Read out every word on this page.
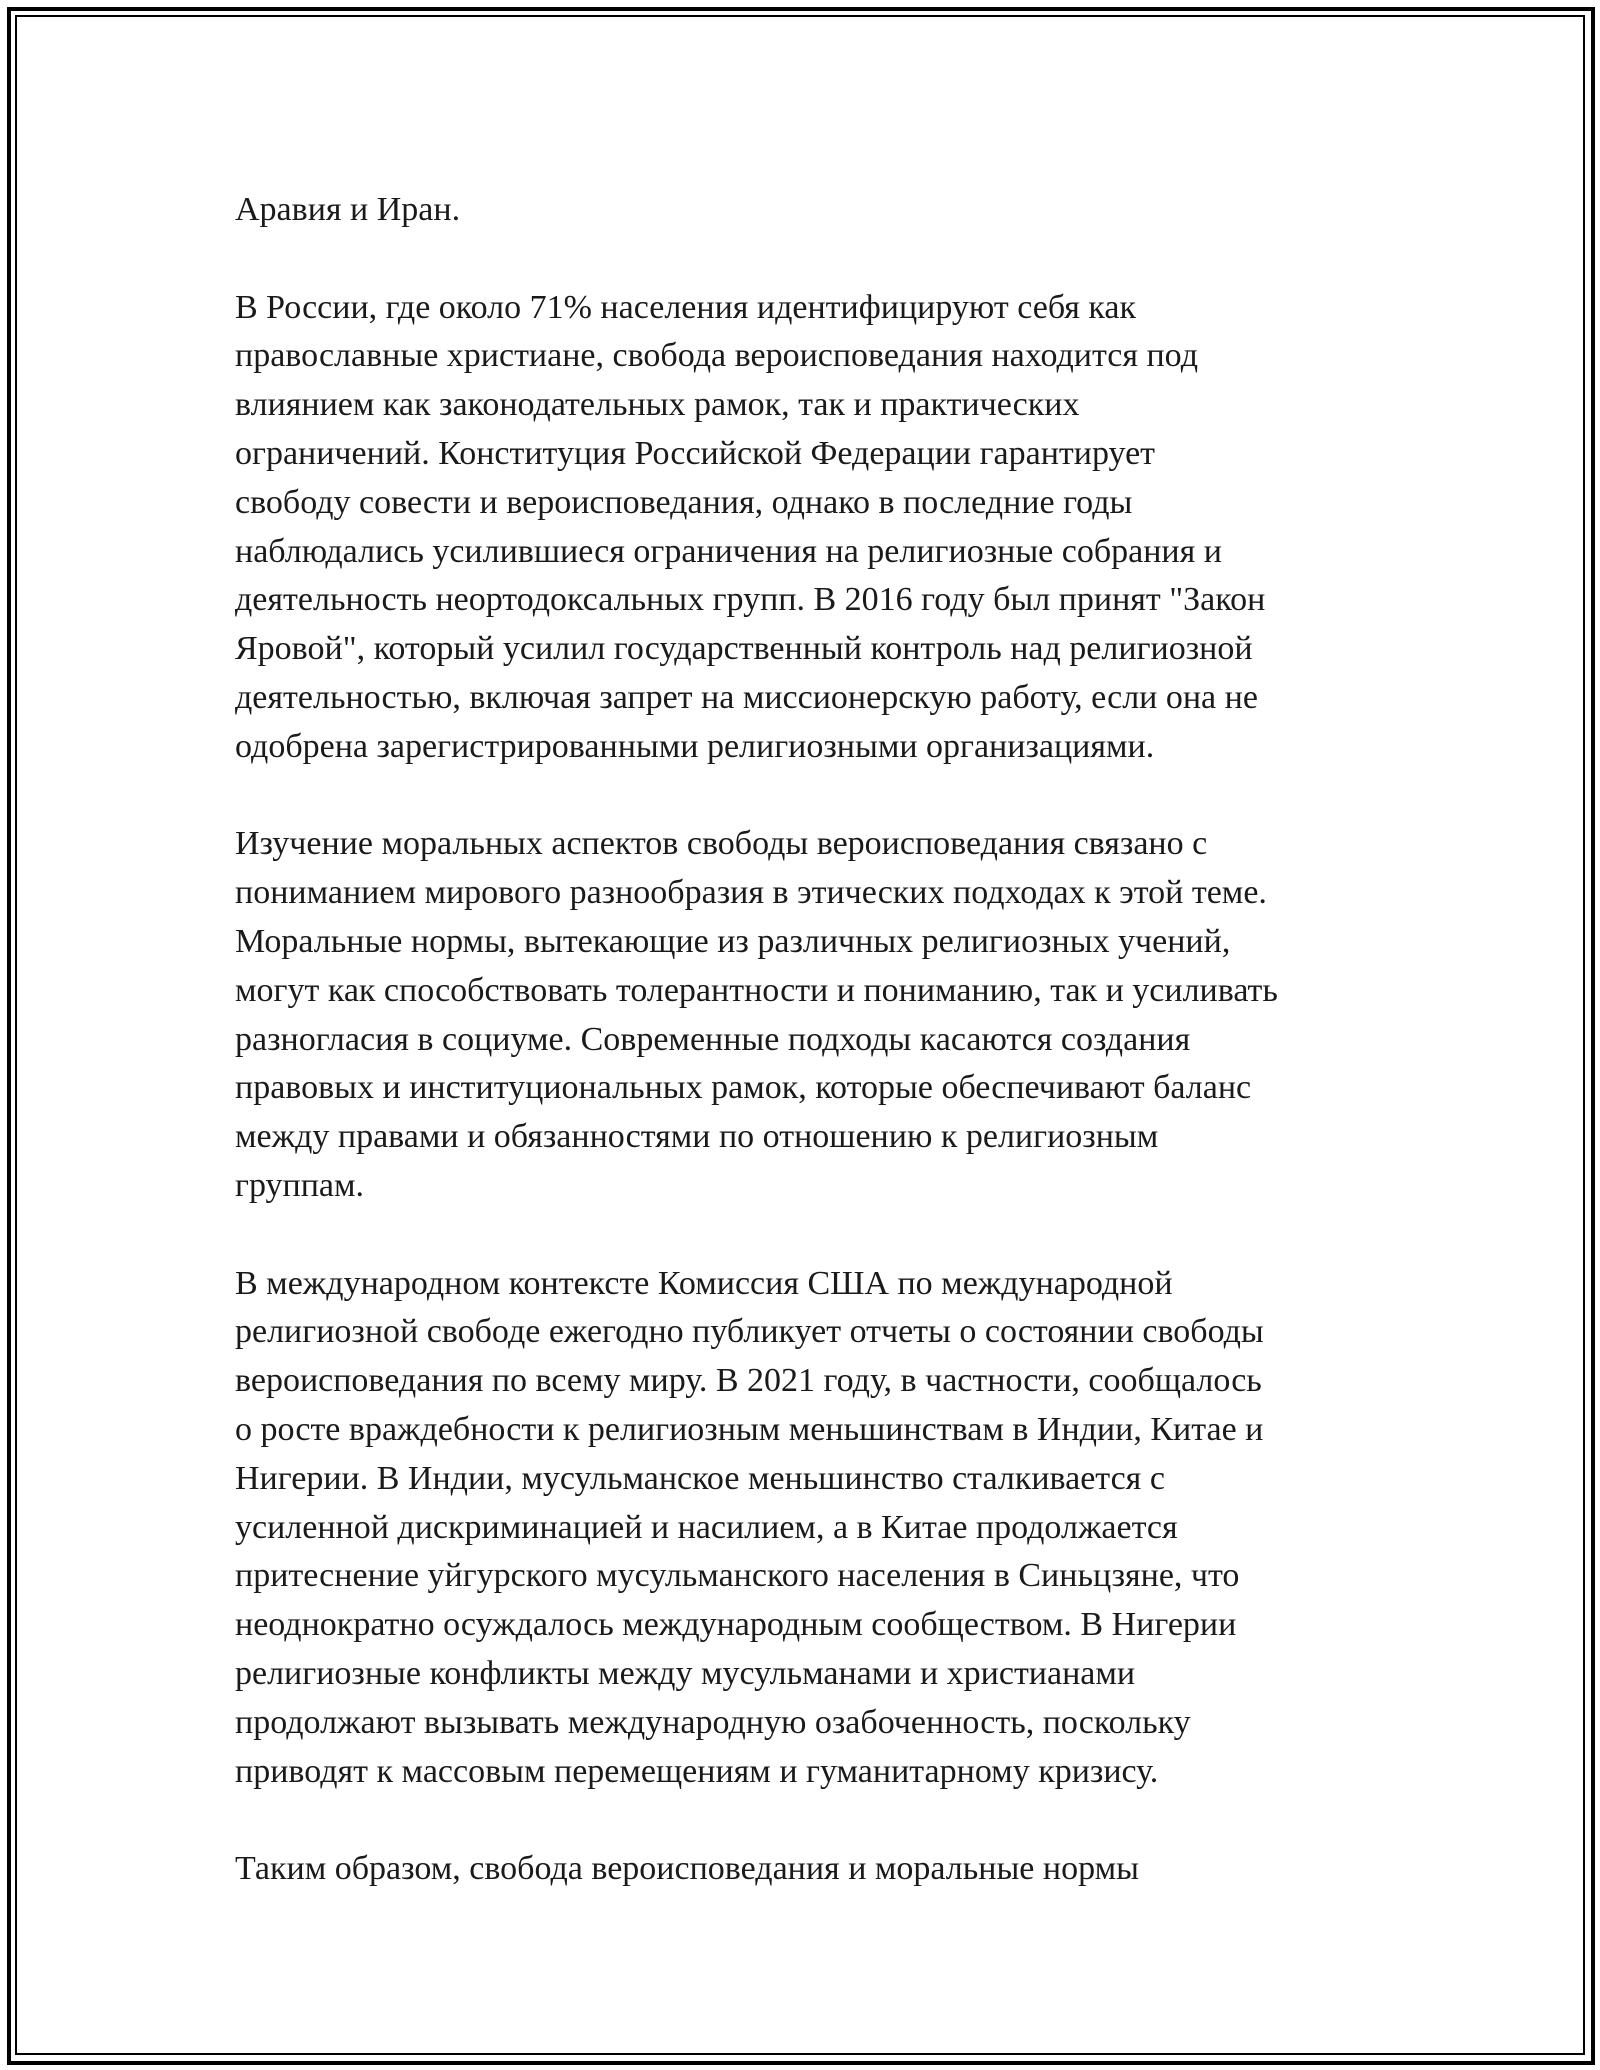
Аравия и Иран.

В России, где около 71% населения идентифицируют себя как
православные христиане, свобода вероисповедания находится под
влиянием как законодательных рамок, так и практических
ограничений. Конституция Российской Федерации гарантирует
свободу совести и вероисповедания, однако в последние годы
наблюдались усилившиеся ограничения на религиозные собрания и
деятельность неортодоксальных групп. В 2016 году был принят "Закон
Яровой", который усилил государственный контроль над религиозной
деятельностью, включая запрет на миссионерскую работу, если она не
одобрена зарегистрированными религиозными организациями.

Изучение моральных аспектов свободы вероисповедания связано с
пониманием мирового разнообразия в этических подходах к этой теме.
Моральные нормы, вытекающие из различных религиозных учений,
могут как способствовать толерантности и пониманию, так и усиливать
разногласия в социуме. Современные подходы касаются создания
правовых и институциональных рамок, которые обеспечивают баланс
между правами и обязанностями по отношению к религиозным
группам.

В международном контексте Комиссия США по международной
религиозной свободе ежегодно публикует отчеты о состоянии свободы
вероисповедания по всему миру. В 2021 году, в частности, сообщалось
о росте враждебности к религиозным меньшинствам в Индии, Китае и
Нигерии. В Индии, мусульманское меньшинство сталкивается с
усиленной дискриминацией и насилием, а в Китае продолжается
притеснение уйгурского мусульманского населения в Синьцзяне, что
неоднократно осуждалось международным сообществом. В Нигерии
религиозные конфликты между мусульманами и христианами
продолжают вызывать международную озабоченность, поскольку
приводят к массовым перемещениям и гуманитарному кризису.

Таким образом, свобода вероисповедания и моральные нормы
